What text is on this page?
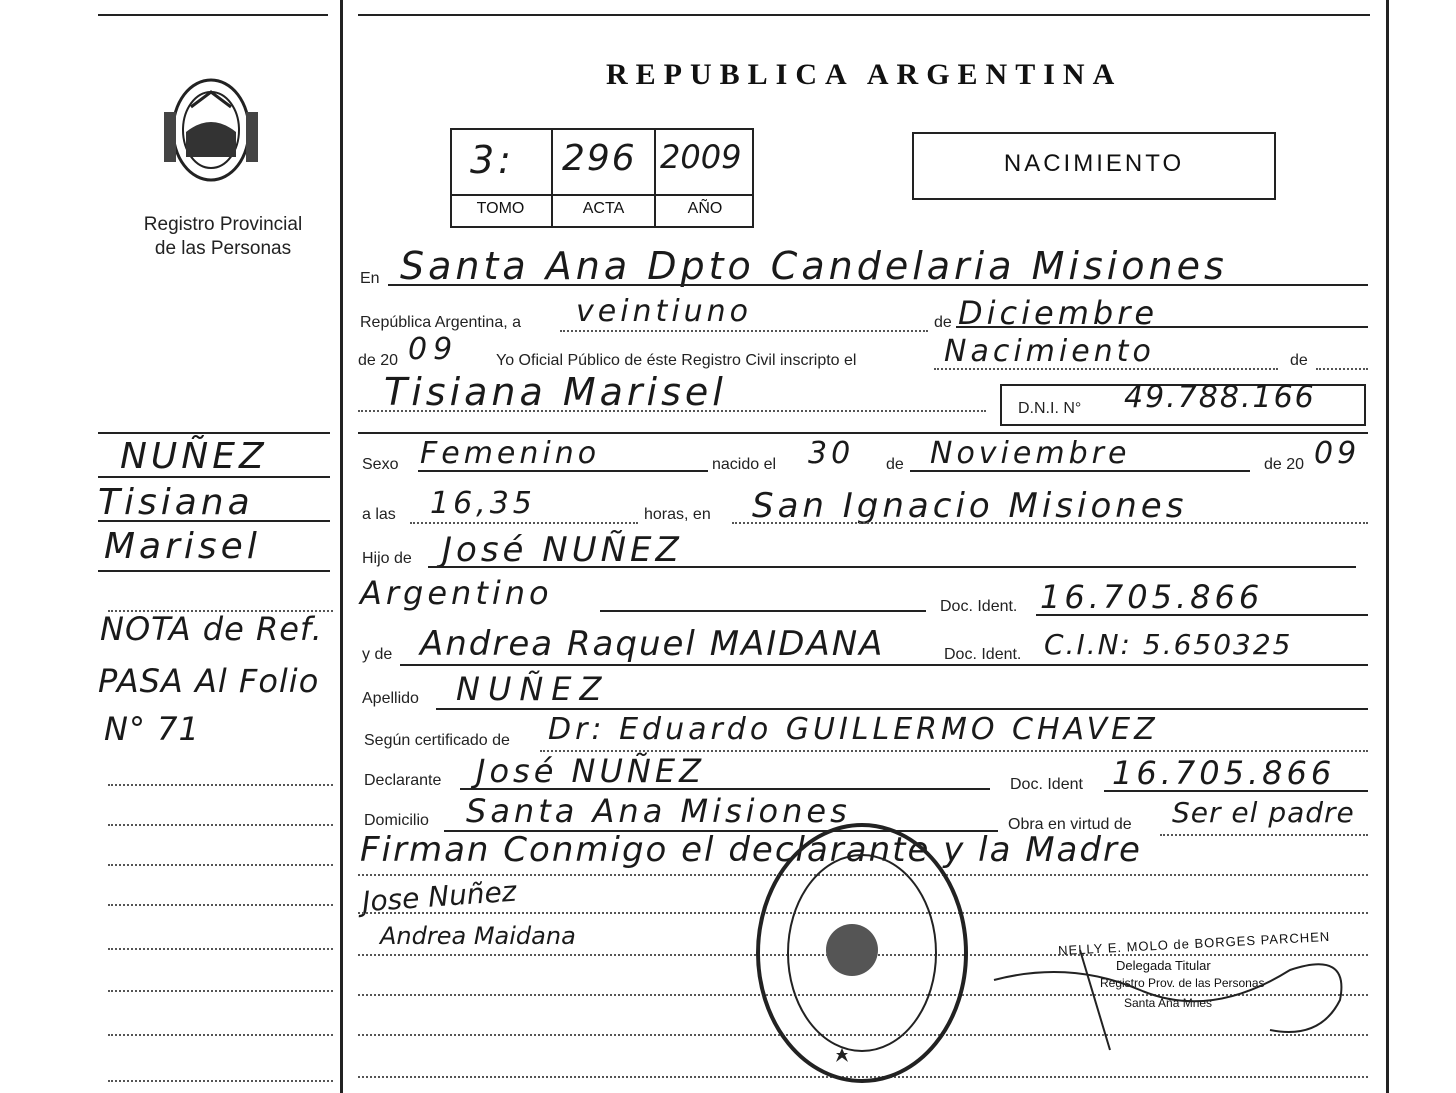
Registro Provincial
de las Personas
NUÑEZ
Tisiana
Marisel
NOTA de Ref.
PASA Al Folio
N° 71
REPUBLICA ARGENTINA
3: 296 2009
TOMO	ACTA	AÑO
NACIMIENTO
En Santa Ana Dpto Candelaria Misiones
República Argentina, a veintiuno	de Diciembre
de 20 09 Yo Oficial Público de éste Registro Civil inscripto el	Nacimiento	de
Tisiana Marisel	D.N.I. N° 49.788.166
Sexo Femenino	nacido el 30 de Noviembre	de 20 09
a las 16,35	horas, en San Ignacio Misiones
Hijo de José NUÑEZ
Argentino	Doc. Ident. 16.705.866
y de Andrea Raquel MAIDANA	Doc. Ident. C.I.N: 5.650325
Apellido NUÑEZ
Según certificado de Dr: Eduardo GUILLERMO CHAVEZ
Declarante José NUÑEZ	Doc. Ident 16.705.866
Domicilio Santa Ana Misiones	Obra en virtud de Ser el padre
Firman Conmigo el declarante y la Madre
Jose Nuñez
Andrea Maidana	NELLY E. MOLO de BORGES PARCHEN
Delegada Titular
Registro Prov. de las Personas
Santa Ana Mnes
